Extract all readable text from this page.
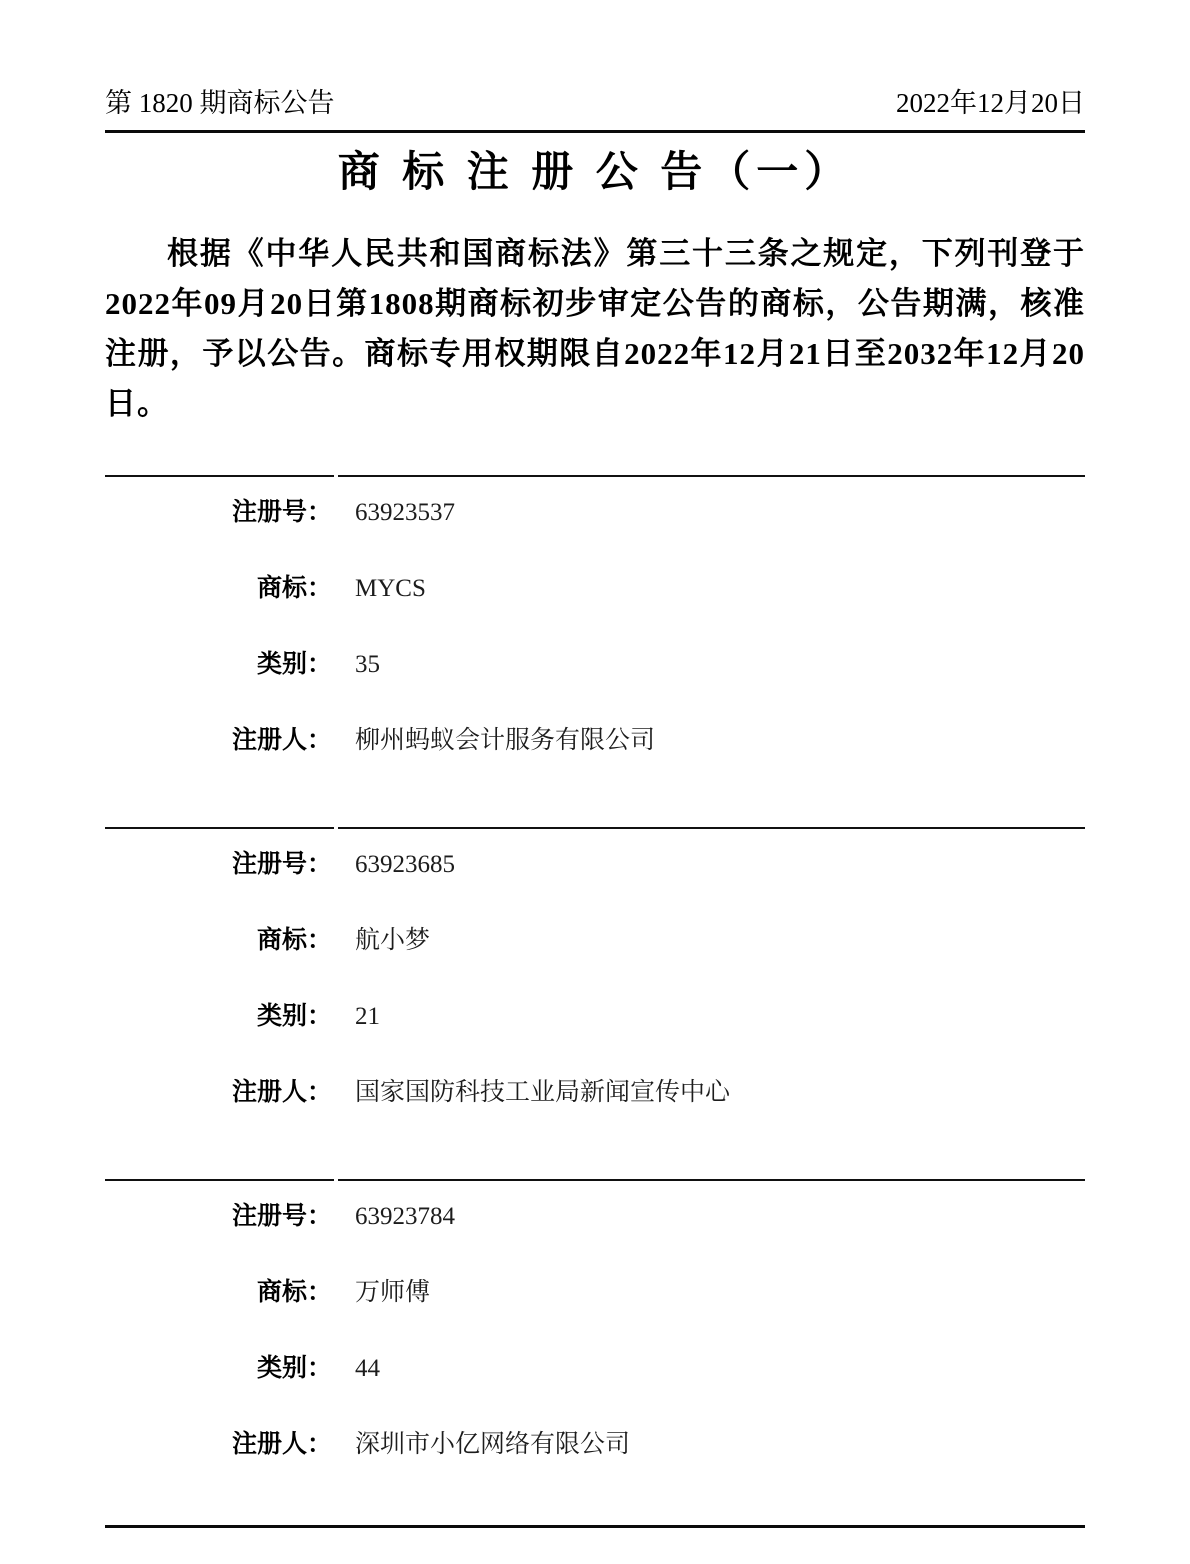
第 1820 期商标公告	2022年12月20日
商 标 注 册 公 告（一）

根据《中华人民共和国商标法》第三十三条之规定，下列刊登于2022年09月20日第1808期商标初步审定公告的商标，公告期满，核准注册，予以公告。商标专用权期限自2022年12月21日至2032年12月20日。

注册号： 63923537
商标： MYCS
类别： 35
注册人： 柳州蚂蚁会计服务有限公司
注册号： 63923685
商标： 航小梦
类别： 21
注册人： 国家国防科技工业局新闻宣传中心
注册号： 63923784
商标： 万师傅
类别： 44
注册人： 深圳市小亿网络有限公司
